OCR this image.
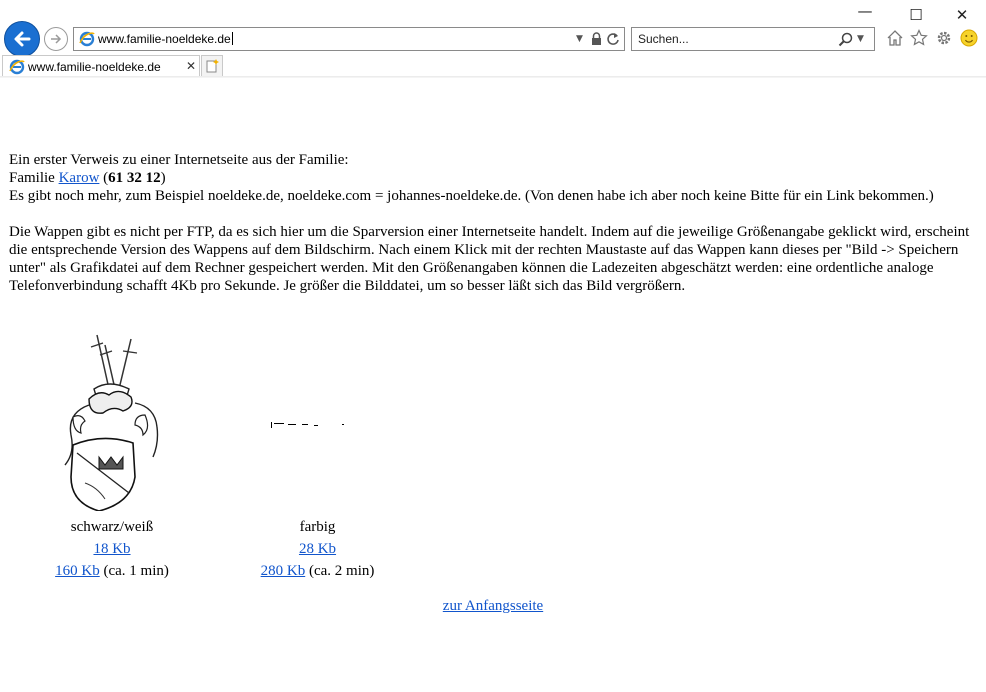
—	☐	✕
www.familie-noeldeke.de	▼	Suchen...	▼
www.familie-noeldeke.de ✕

Ein erster Verweis zu einer Internetseite aus der Familie:
Familie Karow (61 32 12)
Es gibt noch mehr, zum Beispiel noeldeke.de, noeldeke.com = johannes-noeldeke.de. (Von denen habe ich aber noch keine Bitte für ein Link bekommen.)

Die Wappen gibt es nicht per FTP, da es sich hier um die Sparversion einer Internetseite handelt. Indem auf die jeweilige Größenangabe geklickt wird, erscheint die entsprechende Version des Wappens auf dem Bildschirm. Nach einem Klick mit der rechten Maustaste auf das Wappen kann dieses per "Bild -> Speichern unter" als Grafikdatei auf dem Rechner gespeichert werden. Mit den Größenangaben können die Ladezeiten abgeschätzt werden: eine ordentliche analoge Telefonverbindung schafft 4Kb pro Sekunde. Je größer die Bilddatei, um so besser läßt sich das Bild vergrößern.

schwarz/weiß
18 Kb
160 Kb (ca. 1 min)
farbig
28 Kb
280 Kb (ca. 2 min)
zur Anfangsseite
